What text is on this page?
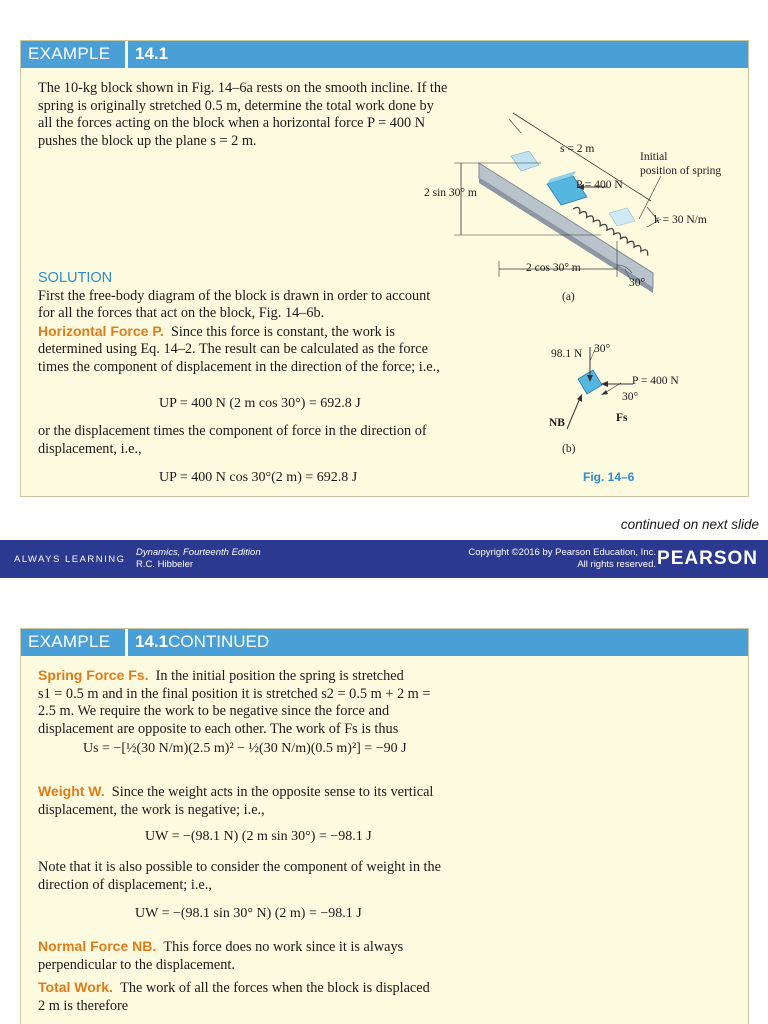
EXAMPLE 14.1
The 10-kg block shown in Fig. 14–6a rests on the smooth incline. If the
spring is originally stretched 0.5 m, determine the total work done by
all the forces acting on the block when a horizontal force P = 400 N
pushes the block up the plane s = 2 m.
SOLUTION
First the free-body diagram of the block is drawn in order to account
for all the forces that act on the block, Fig. 14–6b.
Horizontal Force P. Since this force is constant, the work is
determined using Eq. 14–2. The result can be calculated as the force
times the component of displacement in the direction of the force; i.e.,
UP = 400 N (2 m cos 30°) = 692.8 J
or the displacement times the component of force in the direction of
displacement, i.e.,
UP = 400 N cos 30°(2 m) = 692.8 J
s = 2 m
Initial
position of spring
P = 400 N
2 sin 30° m
k = 30 N/m
2 cos 30° m
30°
(a)
98.1 N 30°
P = 400 N
30°
NB	Fs
(b)
Fig. 14–6
continued on next slide
ALWAYS LEARNING
Dynamics, Fourteenth Edition
R.C. Hibbeler
Copyright ©2016 by Pearson Education, Inc.
All rights reserved. PEARSON
EXAMPLE 14.1CONTINUED
Spring Force Fs. In the initial position the spring is stretched
s1 = 0.5 m and in the final position it is stretched s2 = 0.5 m + 2 m =
2.5 m. We require the work to be negative since the force and
displacement are opposite to each other. The work of Fs is thus
Us = −[½(30 N/m)(2.5 m)² − ½(30 N/m)(0.5 m)²] = −90 J
Weight W. Since the weight acts in the opposite sense to its vertical
displacement, the work is negative; i.e.,
UW = −(98.1 N) (2 m sin 30°) = −98.1 J
Note that it is also possible to consider the component of weight in the
direction of displacement; i.e.,
UW = −(98.1 sin 30° N) (2 m) = −98.1 J
Normal Force NB. This force does no work since it is always
perpendicular to the displacement.
Total Work. The work of all the forces when the block is displaced
2 m is therefore
